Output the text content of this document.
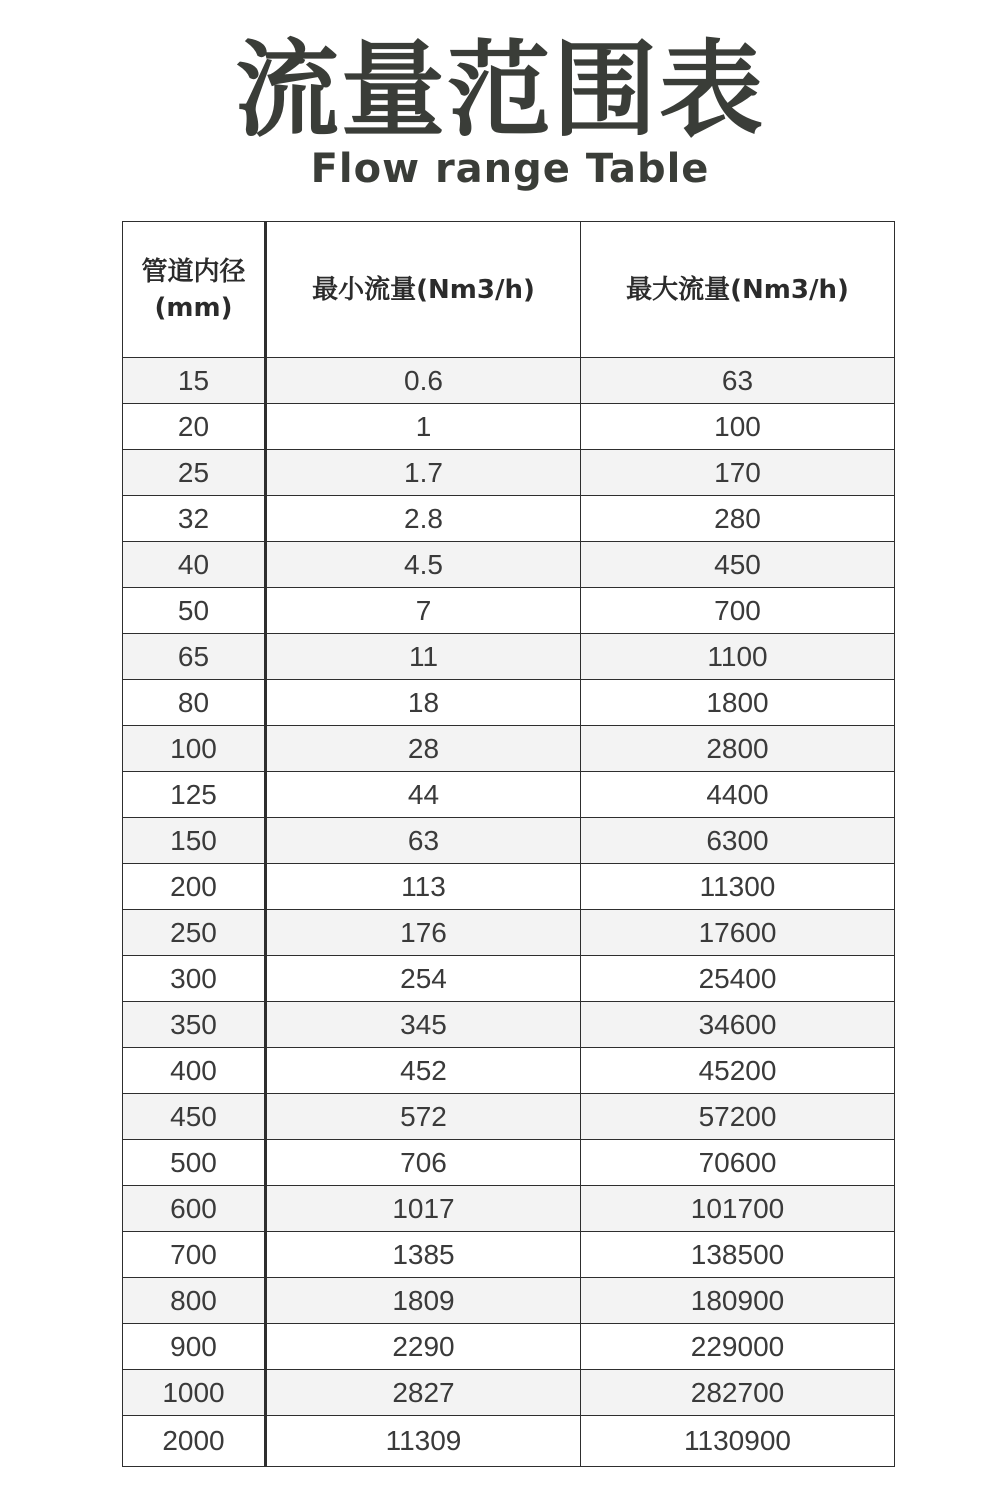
流量范围表
Flow range Table
管道内径
(mm)	最小流量(Nm3/h)	最大流量(Nm3/h)
15	0.6	63
20	1	100
25	1.7	170
32	2.8	280
40	4.5	450
50	7	700
65	11	1100
80	18	1800
100	28	2800
125	44	4400
150	63	6300
200	113	11300
250	176	17600
300	254	25400
350	345	34600
400	452	45200
450	572	57200
500	706	70600
600	1017	101700
700	1385	138500
800	1809	180900
900	2290	229000
1000	2827	282700
2000	11309	1130900
